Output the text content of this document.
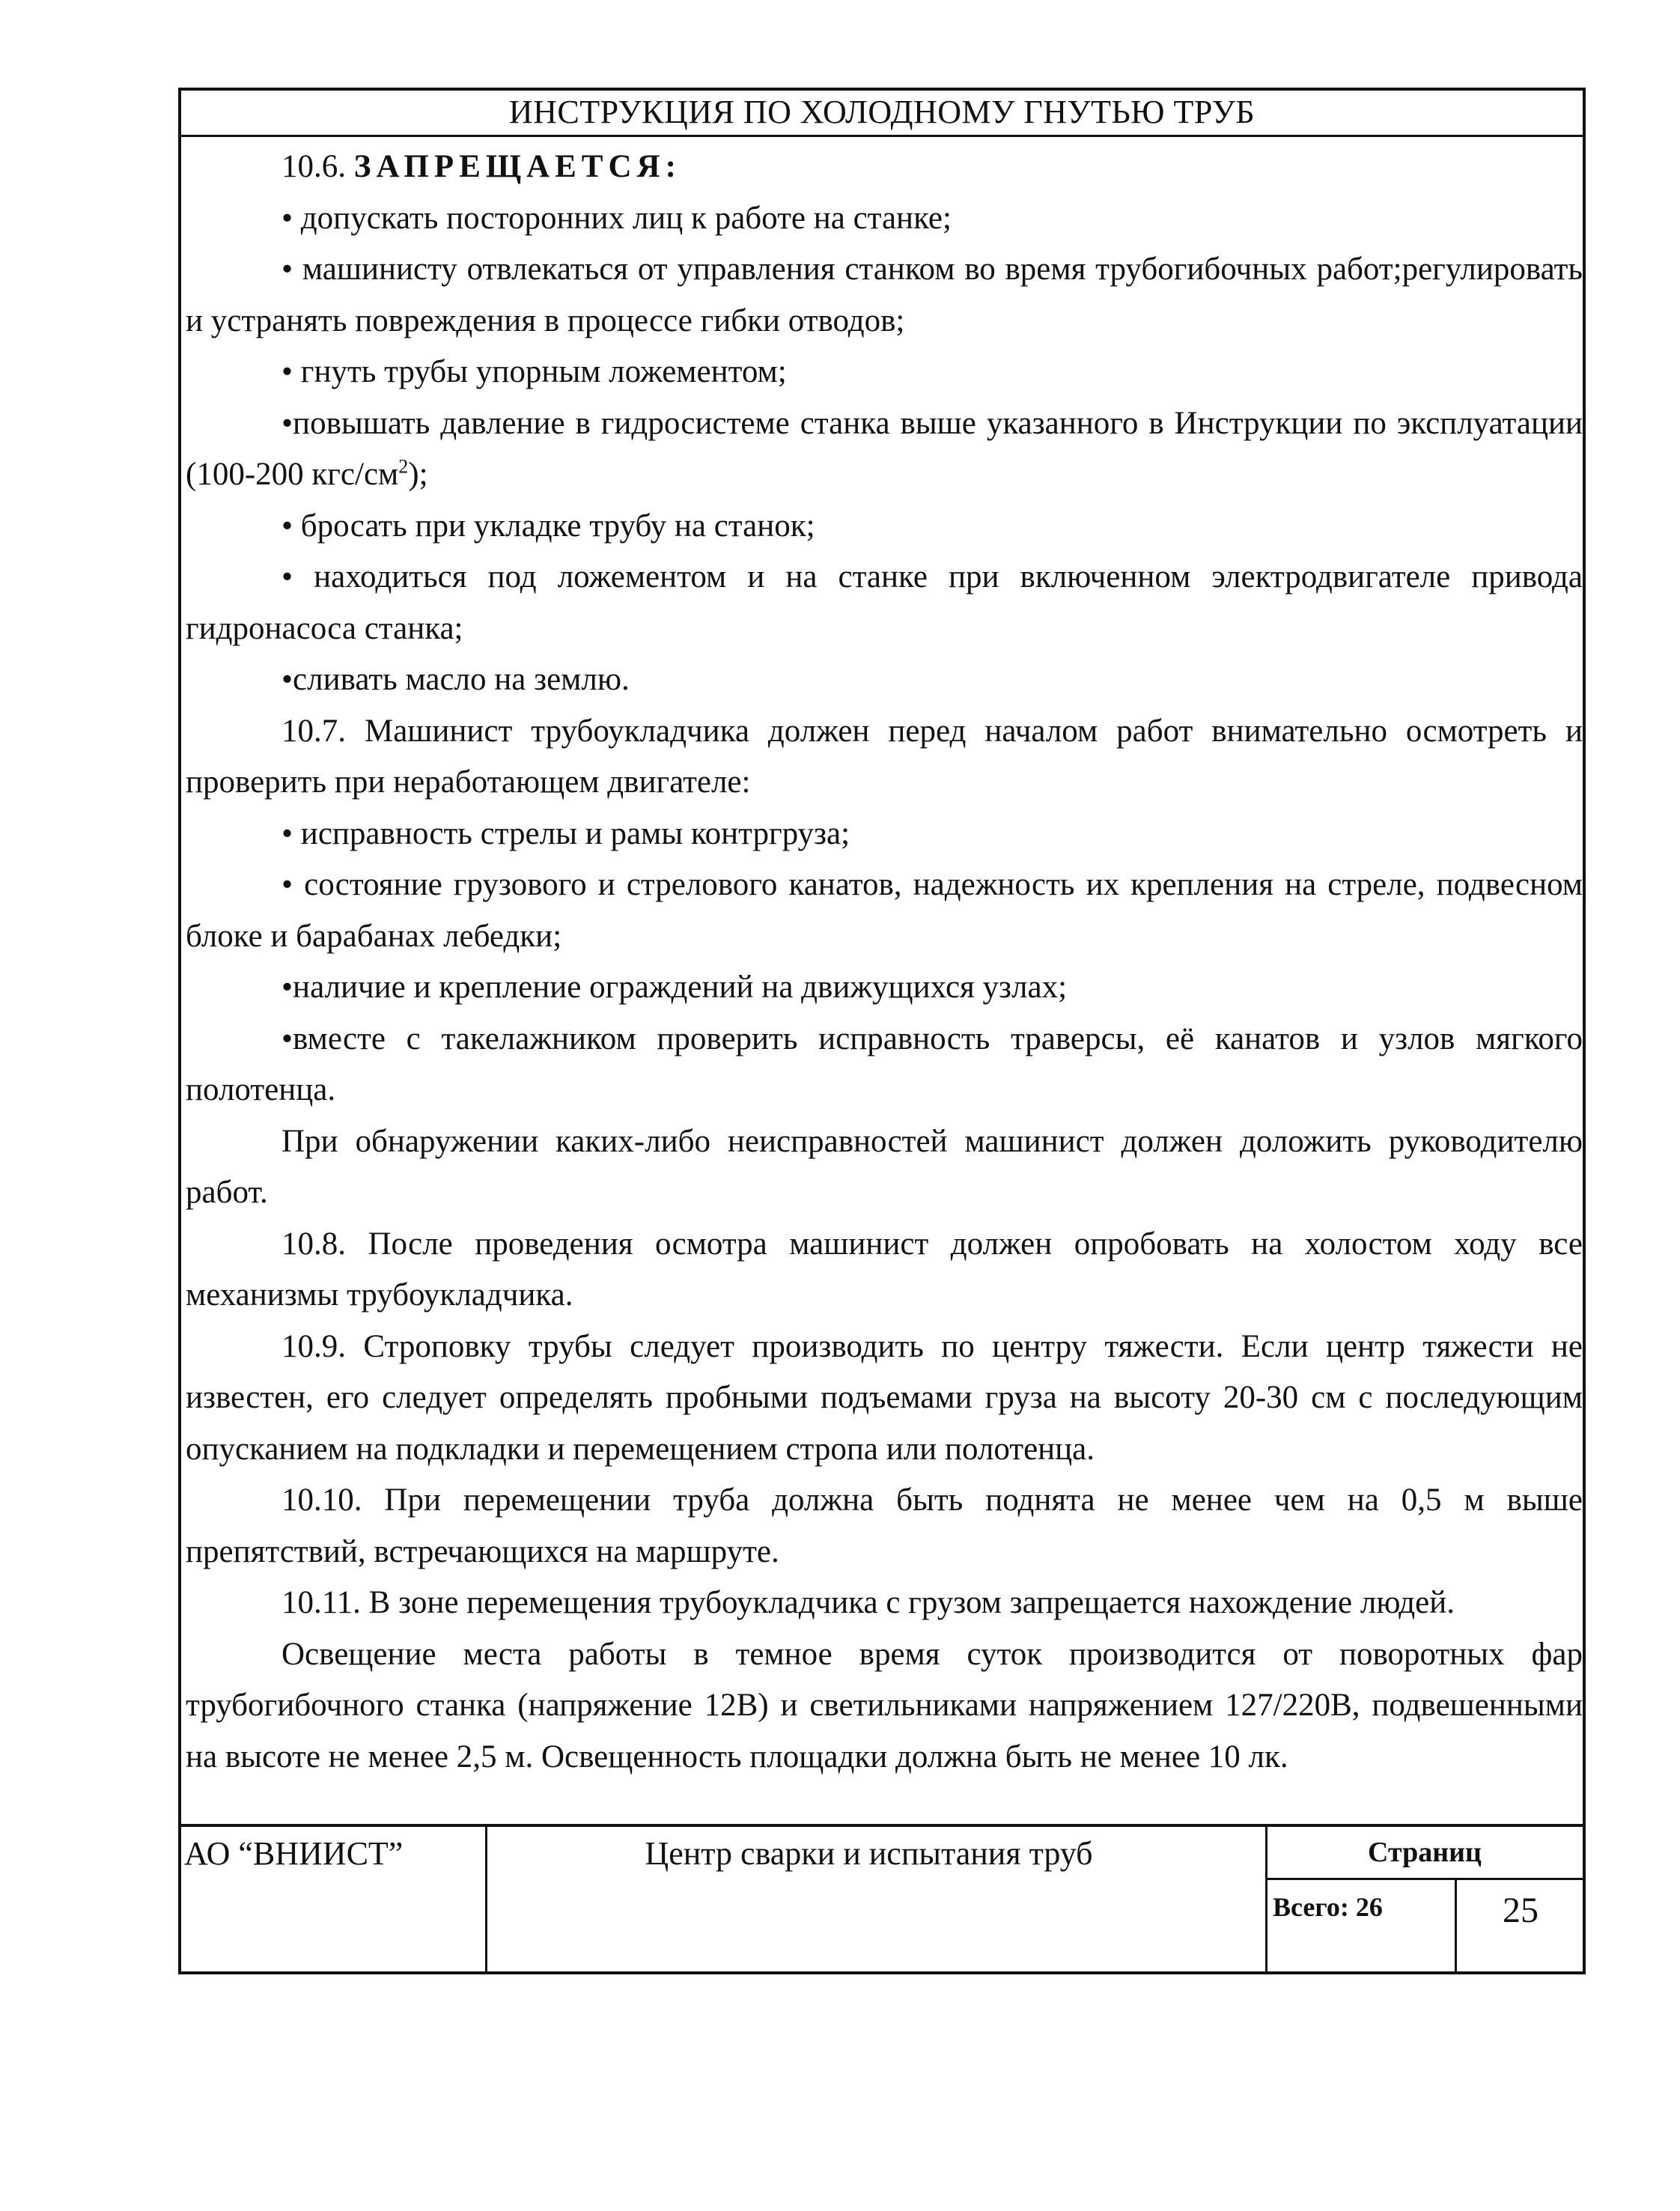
ИНСТРУКЦИЯ ПО ХОЛОДНОМУ ГНУТЬЮ ТРУБ

10.6. ЗАПРЕЩАЕТСЯ:

• допускать посторонних лиц к работе на станке;

• машинисту отвлекаться от управления станком во время трубогибочных работ;регулировать и устранять повреждения в процессе гибки отводов;

• гнуть трубы упорным ложементом;

•повышать давление в гидросистеме станка выше указанного в Инструкции по эксплуатации (100-200 кгс/$см^2$);

• бросать при укладке трубу на станок;

• находиться под ложементом и на станке при включенном электродвигателе привода гидронасоса станка;

•сливать масло на землю.

10.7. Машинист трубоукладчика должен перед началом работ внимательно осмотреть и проверить при неработающем двигателе:

• исправность стрелы и рамы контргруза;

• состояние грузового и стрелового канатов, надежность их крепления на стреле, подвесном блоке и барабанах лебедки;

•наличие и крепление ограждений на движущихся узлах;

•вместе с такелажником проверить исправность траверсы, её канатов и узлов мягкого полотенца.

При обнаружении каких-либо неисправностей машинист должен доложить руководителю работ.

10.8. После проведения осмотра машинист должен опробовать на холостом ходу все механизмы трубоукладчика.

10.9. Строповку трубы следует производить по центру тяжести. Если центр тяжести не известен, его следует определять пробными подъемами груза на высоту 20-30 см с последующим опусканием на подкладки и перемещением стропа или полотенца.

10.10. При перемещении труба должна быть поднята не менее чем на 0,5 м выше препятствий, встречающихся на маршруте.

10.11. В зоне перемещения трубоукладчика с грузом запрещается нахождение людей.

Освещение места работы в темное время суток производится от поворотных фар трубогибочного станка (напряжение 12В) и светильниками напряжением 127/220В, подвешенными на высоте не менее 2,5 м. Освещенность площадки должна быть не менее 10 лк.

АО “ВНИИСТ”	Центр сварки и испытания труб	Страниц
Всего: 26	25
